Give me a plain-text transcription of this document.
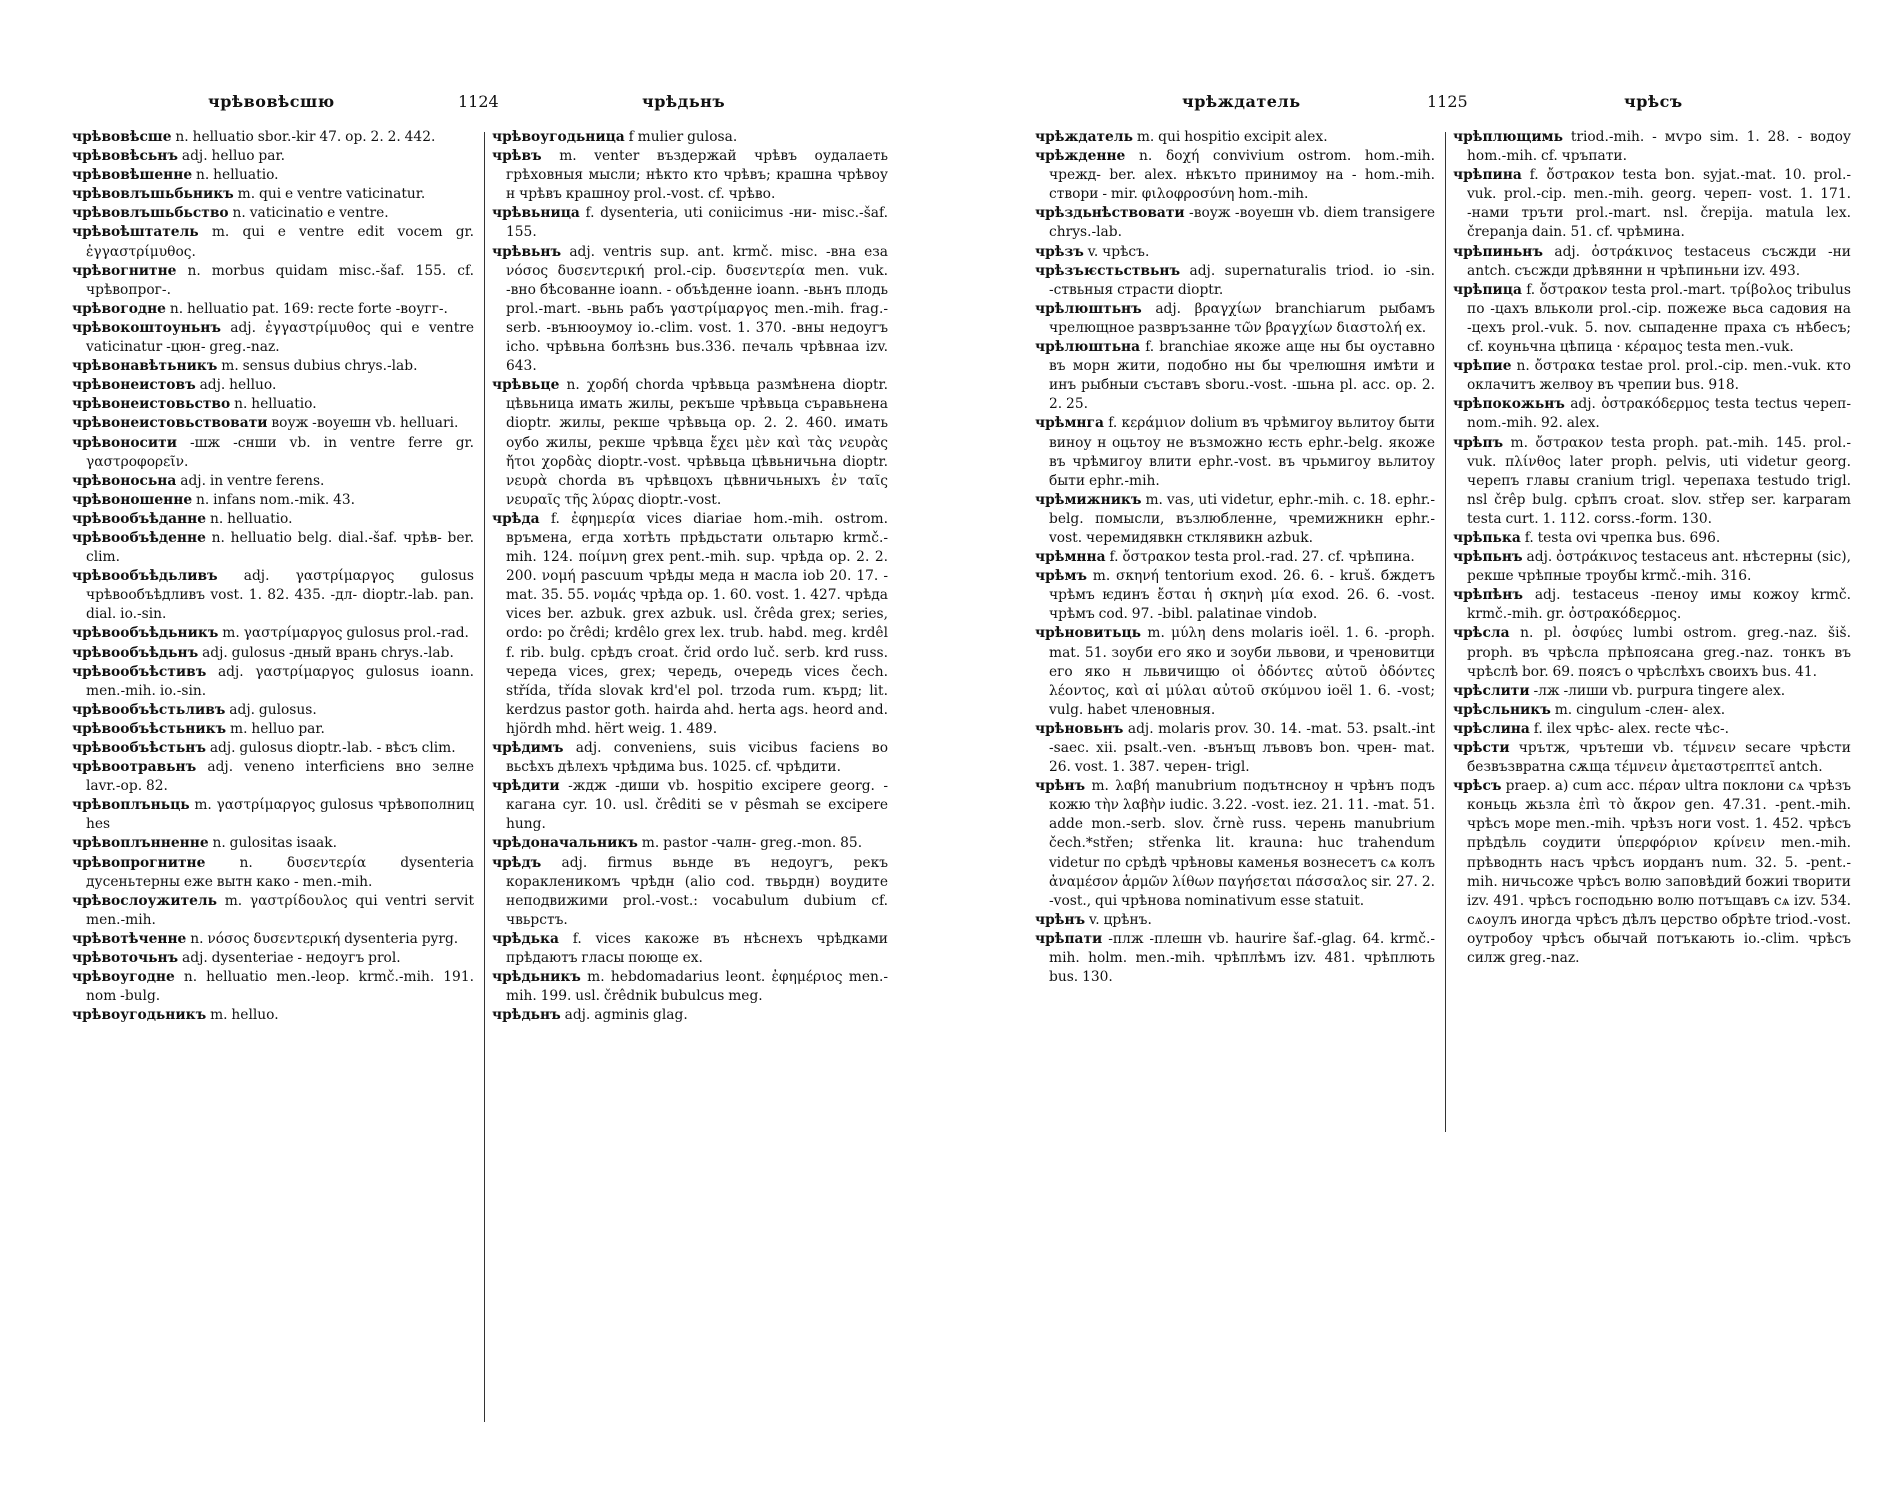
чрѣвовѣсшю	1124	чрѣдьнъ

чрѣвовѣсше n. helluatio sbor.-kir 47. op. 2. 2. 442.

чрѣвовѣсьнъ adj. helluo par.

чрѣвовѣшенне n. helluatio.

чрѣвовлъшьбьникъ m. qui e ventre vaticinatur.

чрѣвовлъшьбьство n. vaticinatio e ventre.

чрѣвоѣштатель m. qui e ventre edit vocem gr. ἐγγαστρίμυθος.

чрѣвогнитне n. morbus quidam misc.-šaf. 155. cf. чрѣвопрог-.

чрѣвогодне n. helluatio pat. 169: recte forte -воугг-.

чрѣвокоштоуньнъ adj. ἐγγαστρίμυθος qui e ventre vaticinatur -цюн- greg.-naz.

чрѣвонавѣтьникъ m. sensus dubius chrys.-lab.

чрѣвонеистовъ adj. helluo.

чрѣвонеистовьство n. helluatio.

чрѣвонеистовьствовати воуж -воуешн vb. helluari.

чрѣвоносити -шж -снши vb. in ventre ferre gr. γαστροφορεῖν.

чрѣвоносьна adj. in ventre ferens.

чрѣвоношенне n. infans nom.-mik. 43.

чрѣвообъѣданне n. helluatio.

чрѣвообъѣденне n. helluatio belg. dial.-šaf. чрѣв- ber. clim.

чрѣвообъѣдьливъ adj. γαστρίμαργος gulosus чрѣвообъѣдливъ vost. 1. 82. 435. -дл- dioptr.-lab. pan. dial. io.-sin.

чрѣвообъѣдьникъ m. γαστρίμαργος gulosus prol.-rad.

чрѣвообъѣдьнъ adj. gulosus -дный врань chrys.-lab.

чрѣвообъѣстивъ adj. γαστρίμαργος gulosus ioann. men.-mih. io.-sin.

чрѣвообъѣстьливъ adj. gulosus.

чрѣвообъѣстьникъ m. helluo par.

чрѣвообъѣстьнъ adj. gulosus dioptr.-lab. - вѣсъ clim.

чрѣвоотравьнъ adj. veneno interficiens вно зелне lavr.-op. 82.

чрѣвоплъньць m. γαστρίμαργος gulosus чрѣвополниц hes

чрѣвоплънненне n. gulositas isaak.

чрѣвопрогнитне n. δυσεντερία dysenteria дусеньтерны еже вытн како - men.-mih.

чрѣвослоужитель m. γαστρίδουλος qui ventri servit men.-mih.

чрѣвотѣченне n. νόσος δυσεντερική dysenteria pyrg.

чрѣвоточьнъ adj. dysenteriae - недоугъ prol.

чрѣвоугодне n. helluatio men.-leop. krmč.-mih. 191. nom -bulg.

чрѣвоугодьникъ m. helluo.

чрѣвоугодьница f mulier gulosa.

чрѣвъ m. venter въздержай чрѣвъ оудалаеть грѣховныя мысли; нѣкто кто чрѣвъ; крашна чрѣвоу н чрѣвъ крашноу prol.-vost. cf. чрѣво.

чрѣвьница f. dysenteria, uti coniicimus -ни- misc.-šaf. 155.

чрѣвьнъ adj. ventris sup. ant. krmč. misc. -вна еза νόσος δυσεντερική prol.-cip. δυσεντερία men. vuk. -вно бѣсованне ioann. - объѣденне ioann. -вьнъ плодь prol.-mart. -вьнь рабъ γαστρίμαργος men.-mih. frag.-serb. -вънюоумоу io.-clim. vost. 1. 370. -вны недоугъ icho. чрѣвьна болѣзнь bus.336. печаль чрѣвнаа izv. 643.

чрѣвьце n. χορδή chorda чрѣвьца размѣнена dioptr. цѣвьница имать жилы, рекъше чрѣвьца съравьнена dioptr. жилы, рекше чрѣвьца op. 2. 2. 460. имать оубо жилы, рекше чрѣвца ἔχει μὲν καὶ τὰς νευρὰς ἤτοι χορδὰς dioptr.-vost. чрѣвьца цѣвьничьна dioptr. νευρὰ chorda въ чрѣвцохъ цѣвничьныхъ ἐν ταῖς νευραῖς τῆς λύρας dioptr.-vost.

чрѣда f. ἐφημερία vices diariae hom.-mih. ostrom. връмена, егда хотѣть прѣдьстати ольтарю krmč.-mih. 124. ποίμνη grex pent.-mih. sup. чрѣда op. 2. 2. 200. νομή pascuum чрѣды меда н масла iob 20. 17. -mat. 35. 55. νομάς чрѣда op. 1. 60. vost. 1. 427. чрѣда vices ber. azbuk. grex azbuk. usl. črêda grex; series, ordo: po črêdi; krdêlo grex lex. trub. habd. meg. krdêl f. rib. bulg. срѣдъ croat. črid ordo luč. serb. krd russ. череда vices, grex; чередь, очередь vices čech. střída, třída slovak krd'el pol. trzoda rum. кърд; lit. kerdzus pastor goth. hairda ahd. herta ags. heord and. hjördh mhd. hërt weig. 1. 489.

чрѣдимъ adj. conveniens, suis vicibus faciens во вьсѣхъ дѣлехъ чрѣдима bus. 1025. cf. чрѣдити.

чрѣдити -ждж -диши vb. hospitio excipere georg. - кагана cyr. 10. usl. črêditi se v pêsmah se excipere hung.

чрѣдоначальникъ m. pastor -чалн- greg.-mon. 85.

чрѣдъ adj. firmus вьнде въ недоугъ, рекъ коракленикомъ чрѣдн (alio cod. твьрдн) воудите неподвижими prol.-vost.: vocabulum dubium cf. чвьрстъ.

чрѣдька f. vices какоже въ нѣснехъ чрѣдками прѣдаютъ гласы поюще ex.

чрѣдьникъ m. hebdomadarius leont. ἐφημέριος men.-mih. 199. usl. črêdnik bubulcus meg.

чрѣдьнъ adj. agminis glag.

чрѣждатель	1125	чрѣсъ

чрѣждатель m. qui hospitio excipit alex.

чрѣжденне n. δοχή convivium ostrom. hom.-mih. чрежд- ber. alex. нѣкъто принимоу на - hom.-mih. створи - mir. φιλοφροσύνη hom.-mih.

чрѣздьнѣствовати -воуж -воуешн vb. diem transigere chrys.-lab.

чрѣзъ v. чрѣсъ.

чрѣзъѥстьствьнъ adj. supernaturalis triod. io -sin. -ствьныя страсти dioptr.

чрѣлюштьнъ adj. βραγχίων branchiarum рыбамъ чрелющное развръзанне τῶν βραγχίων διαστολή ex.

чрѣлюштьна f. branchiae якоже аще ны бы оуставно въ морн жити, подобно ны бы чрелюшня имѣти и инъ рыбныи съставъ sboru.-vost. -шьна pl. acc. op. 2. 2. 25.

чрѣмнга f. κεράμιον dolium въ чрѣмигоу вьлитоу быти виноу н оцьтоу не възможно ѥсть ephr.-belg. якоже въ чрѣмигоу влити ephr.-vost. въ чрьмигоу вьлитоу быти ephr.-mih.

чрѣмижникъ m. vas, uti videtur, ephr.-mih. c. 18. ephr.-belg. помысли, възлюбленне, чремижникн ephr.-vost. черемидявкн стклявикн azbuk.

чрѣмнна f. ὄστρακον testa prol.-rad. 27. cf. чрѣпина.

чрѣмъ m. σκηνή tentorium exod. 26. 6. - kruš. бждетъ чрѣмъ ѥдинъ ἔσται ἡ σκηνὴ μία exod. 26. 6. -vost. чрѣмъ cod. 97. -bibl. palatinae vindob.

чрѣновитьць m. μύλη dens molaris ioël. 1. 6. -proph. mat. 51. зоуби его яко и зоуби львови, и чреновитци его яко н львичищю οἱ ὀδόντες αὐτοῦ ὀδόντες λέοντος, καὶ αἱ μύλαι αὐτοῦ σκύμνου ioël 1. 6. -vost; vulg. habet членовныя.

чрѣновьнъ adj. molaris prov. 30. 14. -mat. 53. psalt.-int -saec. xii. psalt.-ven. -вънъщ лъвовъ bon. чрен- mat. 26. vost. 1. 387. черен- trigl.

чрѣнъ m. λαβή manubrium подътнсноу н чрѣнъ подъ кожю τὴν λαβὴν iudic. 3.22. -vost. iez. 21. 11. -mat. 51. adde mon.-serb. slov. črnè russ. черень manubrium čech.*střen; střenka lit. krauna: huc trahendum videtur по срѣдѣ чрѣновы каменья вознесетъ сѧ колъ ἀναμέσον ἁρμῶν λίθων παγήσεται πάσσαλος sir. 27. 2. -vost., qui чрѣнова nominativum esse statuit.

чрѣнъ v. црѣнъ.

чрѣпати -плж -плешн vb. haurire šaf.-glag. 64. krmč.-mih. holm. men.-mih. чрѣплѣмъ izv. 481. чрѣплють bus. 130.

чрѣплющимь triod.-mih. - мѵро sim. 1. 28. - водоу hom.-mih. cf. чръпати.

чрѣпина f. ὄστρακον testa bon. syjat.-mat. 10. prol.-vuk. prol.-cip. men.-mih. georg. череп- vost. 1. 171. -нами тръти prol.-mart. nsl. črepija. matula lex. črepanja dain. 51. cf. чрѣмина.

чрѣпиньнъ adj. ὀστράκινος testaceus съсжди -ни antch. съсжди дрѣвянни н чрѣпиньни izv. 493.

чрѣпица f. ὄστρακον testa prol.-mart. τρίβολος tribulus по -цахъ вльколи prol.-cip. пожеже вьса садовия на -цехъ prol.-vuk. 5. nov. сыпаденне праха съ нѣбесъ; cf. коуньчна цѣпица · κέραμος testa men.-vuk.

чрѣпие n. ὄστρακα testae prol. prol.-cip. men.-vuk. кто оклачитъ желвоу въ чрепии bus. 918.

чрѣпокожьнъ adj. ὀστρακόδερμος testa tectus череп- nom.-mih. 92. alex.

чрѣпъ m. ὄστρακον testa proph. pat.-mih. 145. prol.-vuk. πλίνθος later proph. pelvis, uti videtur georg. черепъ главы cranium trigl. черепаха testudo trigl. nsl črêp bulg. срѣпъ croat. slov. střep ser. karparam testa curt. 1. 112. corss.-form. 130.

чрѣпька f. testa ovi чрепка bus. 696.

чрѣпьнъ adj. ὀστράκινος testaceus ant. нѣстерны (sic), рекше чрѣпные троубы krmč.-mih. 316.

чрѣпѣнъ adj. testaceus -пеноу имы кожоу krmč. krmč.-mih. gr. ὀστρακόδερμος.

чрѣсла n. pl. ὀσφύες lumbi ostrom. greg.-naz. šiš. proph. въ чрѣсла прѣпоясана greg.-naz. тонкъ въ чрѣслѣ bor. 69. поясъ о чрѣслѣхъ своихъ bus. 41.

чрѣслити -лж -лиши vb. purpura tingere alex.

чрѣсльникъ m. cingulum -слен- alex.

чрѣслина f. ilex чрѣс- alex. recte чѣс-.

чрѣсти чрътж, чрътеши vb. τέμνειν secare чрѣсти безвъзвратна сѫща τέμνειν ἀμεταστρεπτεῖ antch.

чрѣсъ praep. a) cum acc. πέραν ultra поклони сѧ чрѣзъ коньць жьзла ἐπὶ τὸ ἄκρον gen. 47.31. -pent.-mih. чрѣсъ море men.-mih. чрѣзъ ноги vost. 1. 452. чрѣсъ прѣдѣль соудити ὑπερφόριον κρίνειν men.-mih. прѣводнть насъ чрѣсъ иорданъ num. 32. 5. -pent.-mih. ничьсоже чрѣсъ волю заповѣдий божиі творити izv. 491. чрѣсъ господьню волю потъщавъ сѧ izv. 534. сѧоулъ иногда чрѣсъ дѣлъ церство обрѣте triod.-vost. оутробоу чрѣсъ обычай потъкають io.-clim. чрѣсъ силж greg.-naz.
